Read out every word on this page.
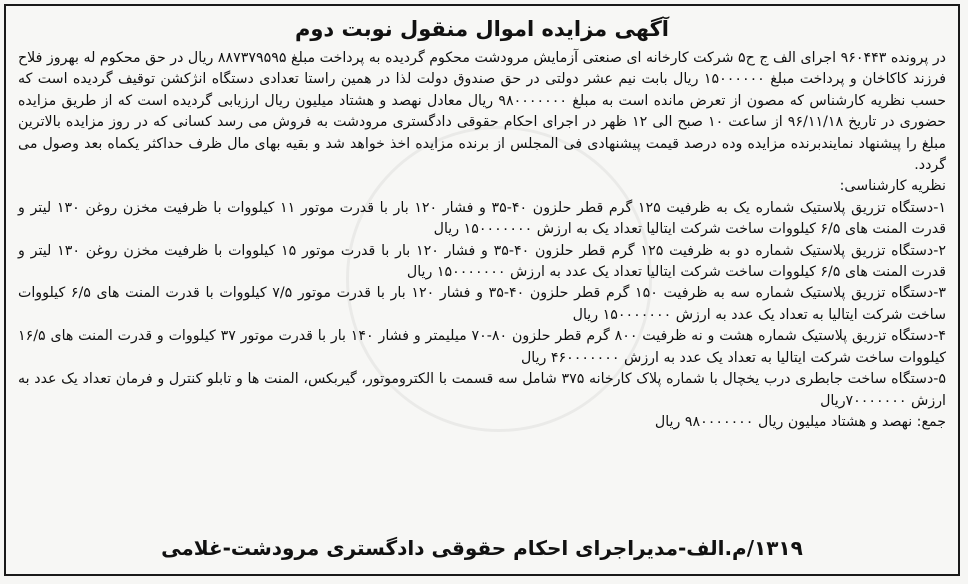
آگهی مزایده اموال منقول نوبت دوم

در پرونده ۹۶۰۴۴۳ اجرای الف ج ح۵ شرکت کارخانه ای صنعتی آزمایش مرودشت محکوم گردیده به پرداخت مبلغ ۸۸۷۳۷۹۵۹۵ ریال در حق محکوم له بهروز فلاح فرزند کاکاخان و پرداخت مبلغ ۱۵۰۰۰۰۰۰ ریال بابت نیم عشر دولتی در حق صندوق دولت لذا در همین راستا تعدادی دستگاه انژکشن توقیف گردیده است که حسب نظریه کارشناس که مصون از تعرض مانده است به مبلغ ۹۸۰۰۰۰۰۰۰ ریال معادل نهصد و هشتاد میلیون ریال ارزیابی گردیده است که از طریق مزایده حضوری در تاریخ ۹۶/۱۱/۱۸ از ساعت ۱۰ صبح الی ۱۲ ظهر در اجرای احکام حقوقی دادگستری مرودشت به فروش می رسد کسانی که در روز مزایده بالاترین مبلغ را پیشنهاد نمایندبرنده مزایده وده درصد قیمت پیشنهادی فی المجلس از برنده مزایده اخذ خواهد شد و بقیه بهای مال ظرف حداکثر یکماه بعد وصول می گردد.

نظریه کارشناسی:

۱-دستگاه تزریق پلاستیک شماره یک به ظرفیت ۱۲۵ گرم قطر حلزون ۴۰-۳۵ و فشار ۱۲۰ بار با قدرت موتور ۱۱ کیلووات با ظرفیت مخزن روغن ۱۳۰ لیتر و قدرت المنت های ۶/۵ کیلووات ساخت شرکت ایتالیا تعداد یک به ارزش ۱۵۰۰۰۰۰۰۰ ریال

۲-دستگاه تزریق پلاستیک شماره دو به ظرفیت ۱۲۵ گرم قطر حلزون ۴۰-۳۵ و فشار ۱۲۰ بار با قدرت موتور ۱۵ کیلووات با ظرفیت مخزن روغن ۱۳۰ لیتر و قدرت المنت های ۶/۵ کیلووات ساخت شرکت ایتالیا تعداد یک عدد به ارزش ۱۵۰۰۰۰۰۰۰ ریال

۳-دستگاه تزریق پلاستیک شماره سه به ظرفیت ۱۵۰ گرم قطر حلزون ۴۰-۳۵ و فشار ۱۲۰ بار با قدرت موتور ۷/۵ کیلووات با قدرت المنت های ۶/۵ کیلووات ساخت شرکت ایتالیا به تعداد یک عدد به ارزش ۱۵۰۰۰۰۰۰۰ ریال

۴-دستگاه تزریق پلاستیک شماره هشت و نه ظرفیت ۸۰۰ گرم قطر حلزون ۸۰-۷۰ میلیمتر و فشار ۱۴۰ بار با قدرت موتور ۳۷ کیلووات و قدرت المنت های ۱۶/۵ کیلووات ساخت شرکت ایتالیا به تعداد یک عدد به ارزش ۴۶۰۰۰۰۰۰۰ ریال

۵-دستگاه ساخت جابطری درب یخچال با شماره پلاک کارخانه ۳۷۵ شامل سه قسمت با الکتروموتور، گیربکس، المنت ها و تابلو کنترل و فرمان تعداد یک عدد به ارزش ۷۰۰۰۰۰۰۰ریال

جمع: نهصد و هشتاد میلیون ریال ۹۸۰۰۰۰۰۰۰ ریال

۱۳۱۹/م.الف-مدیراجرای احکام حقوقی دادگستری مرودشت-غلامی
